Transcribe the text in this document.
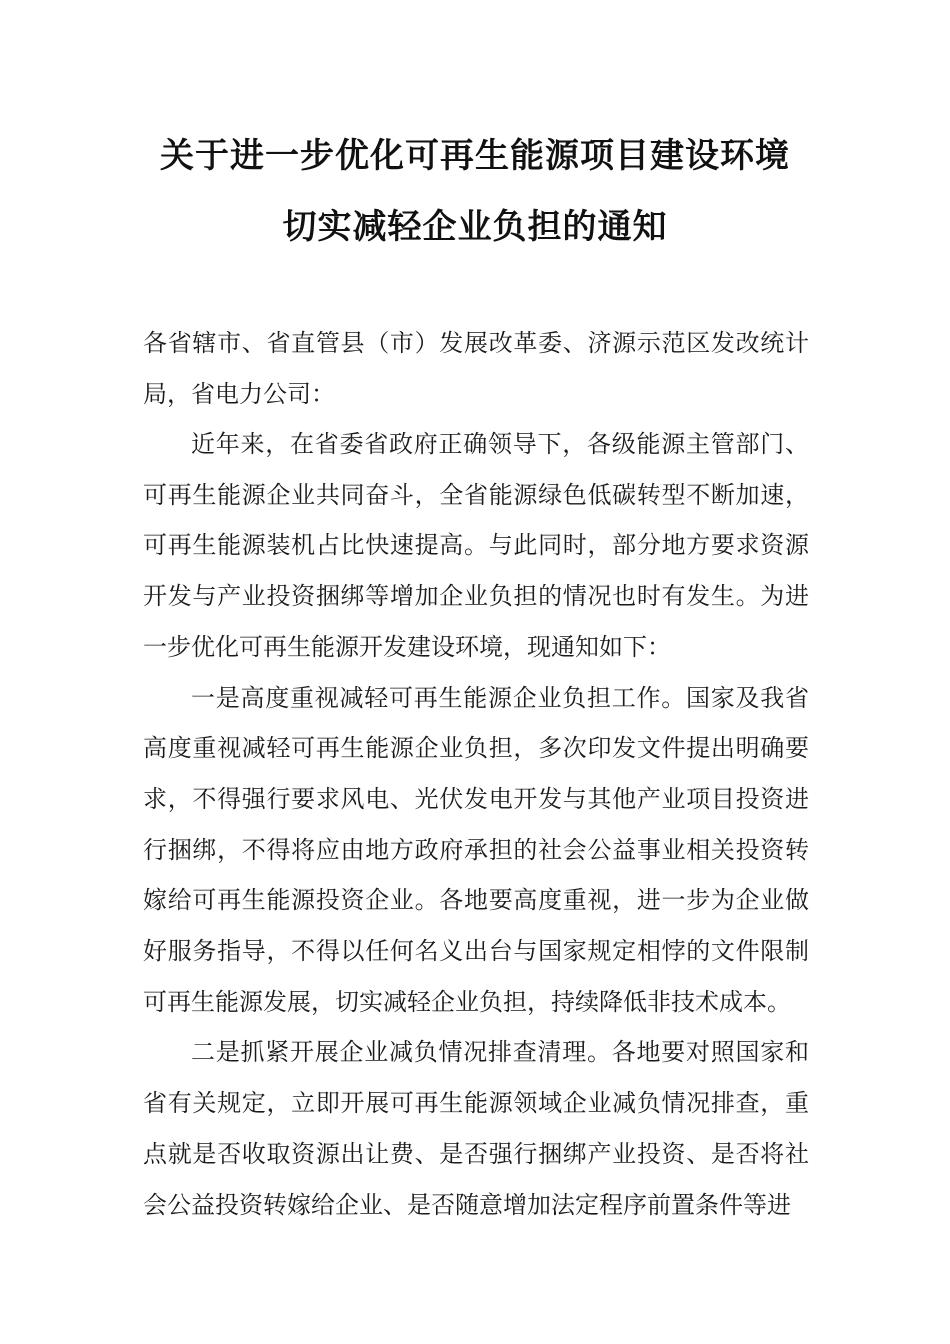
关于进一步优化可再生能源项目建设环境
切实减轻企业负担的通知

各省辖市、省直管县（市）发展改革委、济源示范区发改统计局，省电力公司：

近年来，在省委省政府正确领导下，各级能源主管部门、可再生能源企业共同奋斗，全省能源绿色低碳转型不断加速，可再生能源装机占比快速提高。与此同时，部分地方要求资源开发与产业投资捆绑等增加企业负担的情况也时有发生。为进一步优化可再生能源开发建设环境，现通知如下：

一是高度重视减轻可再生能源企业负担工作。国家及我省高度重视减轻可再生能源企业负担，多次印发文件提出明确要求，不得强行要求风电、光伏发电开发与其他产业项目投资进行捆绑，不得将应由地方政府承担的社会公益事业相关投资转嫁给可再生能源投资企业。各地要高度重视，进一步为企业做好服务指导，不得以任何名义出台与国家规定相悖的文件限制可再生能源发展，切实减轻企业负担，持续降低非技术成本。

二是抓紧开展企业减负情况排查清理。各地要对照国家和省有关规定，立即开展可再生能源领域企业减负情况排查，重点就是否收取资源出让费、是否强行捆绑产业投资、是否将社会公益投资转嫁给企业、是否随意增加法定程序前置条件等进
